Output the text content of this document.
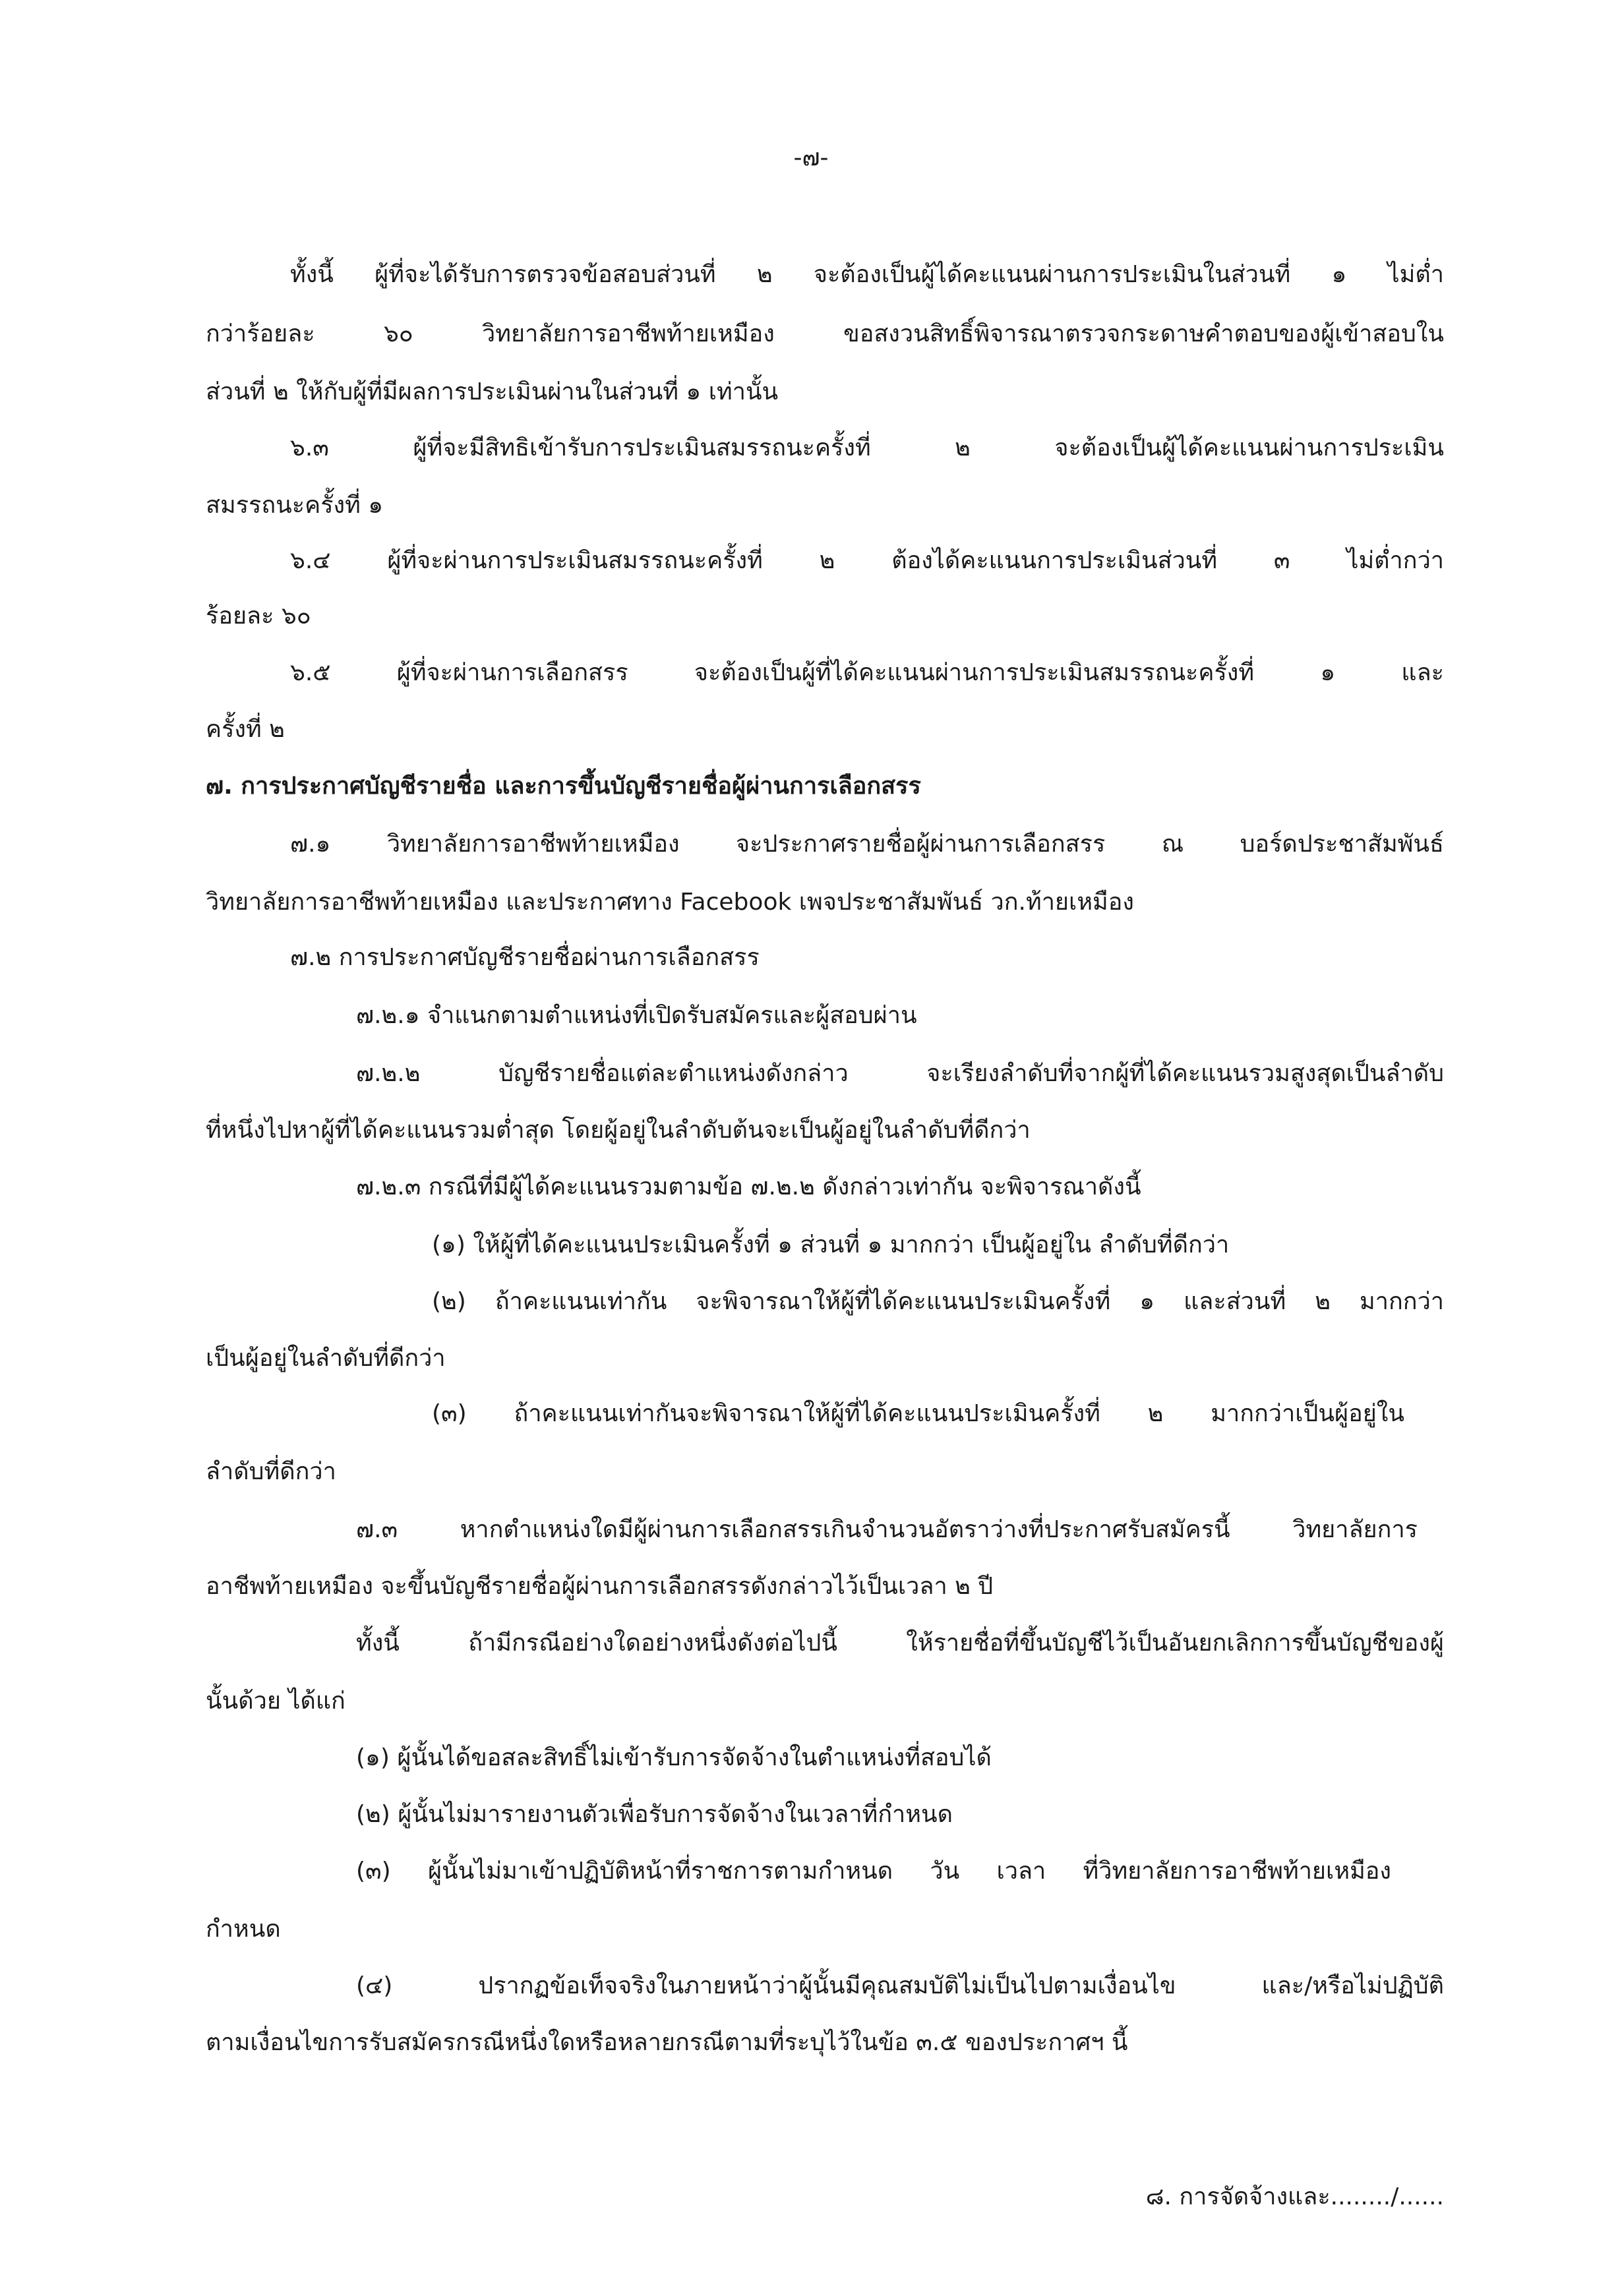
-๗-

ทั้งนี้ ผู้ที่จะได้รับการตรวจข้อสอบส่วนที่ ๒ จะต้องเป็นผู้ได้คะแนนผ่านการประเมินในส่วนที่ ๑ ไม่ต่ำ

กว่าร้อยละ ๖๐ วิทยาลัยการอาชีพท้ายเหมือง ขอสงวนสิทธิ์พิจารณาตรวจกระดาษคำตอบของผู้เข้าสอบใน

ส่วนที่ ๒ ให้กับผู้ที่มีผลการประเมินผ่านในส่วนที่ ๑ เท่านั้น

๖.๓ ผู้ที่จะมีสิทธิเข้ารับการประเมินสมรรถนะครั้งที่ ๒ จะต้องเป็นผู้ได้คะแนนผ่านการประเมิน

สมรรถนะครั้งที่ ๑

๖.๔ ผู้ที่จะผ่านการประเมินสมรรถนะครั้งที่ ๒ ต้องได้คะแนนการประเมินส่วนที่ ๓ ไม่ต่ำกว่า

ร้อยละ ๖๐

๖.๕ ผู้ที่จะผ่านการเลือกสรร จะต้องเป็นผู้ที่ได้คะแนนผ่านการประเมินสมรรถนะครั้งที่ ๑ และ

ครั้งที่ ๒

๗. การประกาศบัญชีรายชื่อ และการขึ้นบัญชีรายชื่อผู้ผ่านการเลือกสรร

๗.๑ วิทยาลัยการอาชีพท้ายเหมือง จะประกาศรายชื่อผู้ผ่านการเลือกสรร ณ บอร์ดประชาสัมพันธ์

วิทยาลัยการอาชีพท้ายเหมือง และประกาศทาง Facebook เพจประชาสัมพันธ์ วก.ท้ายเหมือง

๗.๒ การประกาศบัญชีรายชื่อผ่านการเลือกสรร

๗.๒.๑ จำแนกตามตำแหน่งที่เปิดรับสมัครและผู้สอบผ่าน

๗.๒.๒ บัญชีรายชื่อแต่ละตำแหน่งดังกล่าว จะเรียงลำดับที่จากผู้ที่ได้คะแนนรวมสูงสุดเป็นลำดับ

ที่หนึ่งไปหาผู้ที่ได้คะแนนรวมต่ำสุด โดยผู้อยู่ในลำดับต้นจะเป็นผู้อยู่ในลำดับที่ดีกว่า

๗.๒.๓ กรณีที่มีผู้ได้คะแนนรวมตามข้อ ๗.๒.๒ ดังกล่าวเท่ากัน จะพิจารณาดังนี้

(๑) ให้ผู้ที่ได้คะแนนประเมินครั้งที่ ๑ ส่วนที่ ๑ มากกว่า เป็นผู้อยู่ใน ลำดับที่ดีกว่า

(๒) ถ้าคะแนนเท่ากัน จะพิจารณาให้ผู้ที่ได้คะแนนประเมินครั้งที่ ๑ และส่วนที่ ๒ มากกว่า

เป็นผู้อยู่ในลำดับที่ดีกว่า

(๓) ถ้าคะแนนเท่ากันจะพิจารณาให้ผู้ที่ได้คะแนนประเมินครั้งที่ ๒ มากกว่าเป็นผู้อยู่ใน

ลำดับที่ดีกว่า

๗.๓ หากตำแหน่งใดมีผู้ผ่านการเลือกสรรเกินจำนวนอัตราว่างที่ประกาศรับสมัครนี้ วิทยาลัยการ

อาชีพท้ายเหมือง จะขึ้นบัญชีรายชื่อผู้ผ่านการเลือกสรรดังกล่าวไว้เป็นเวลา ๒ ปี

ทั้งนี้ ถ้ามีกรณีอย่างใดอย่างหนึ่งดังต่อไปนี้ ให้รายชื่อที่ขึ้นบัญชีไว้เป็นอันยกเลิกการขึ้นบัญชีของผู้

นั้นด้วย ได้แก่

(๑) ผู้นั้นได้ขอสละสิทธิ์ไม่เข้ารับการจัดจ้างในตำแหน่งที่สอบได้

(๒) ผู้นั้นไม่มารายงานตัวเพื่อรับการจัดจ้างในเวลาที่กำหนด

(๓) ผู้นั้นไม่มาเข้าปฏิบัติหน้าที่ราชการตามกำหนด วัน เวลา ที่วิทยาลัยการอาชีพท้ายเหมือง

กำหนด

(๔) ปรากฏข้อเท็จจริงในภายหน้าว่าผู้นั้นมีคุณสมบัติไม่เป็นไปตามเงื่อนไข และ/หรือไม่ปฏิบัติ

ตามเงื่อนไขการรับสมัครกรณีหนึ่งใดหรือหลายกรณีตามที่ระบุไว้ในข้อ ๓.๕ ของประกาศฯ นี้

๘. การจัดจ้างและ......../......
